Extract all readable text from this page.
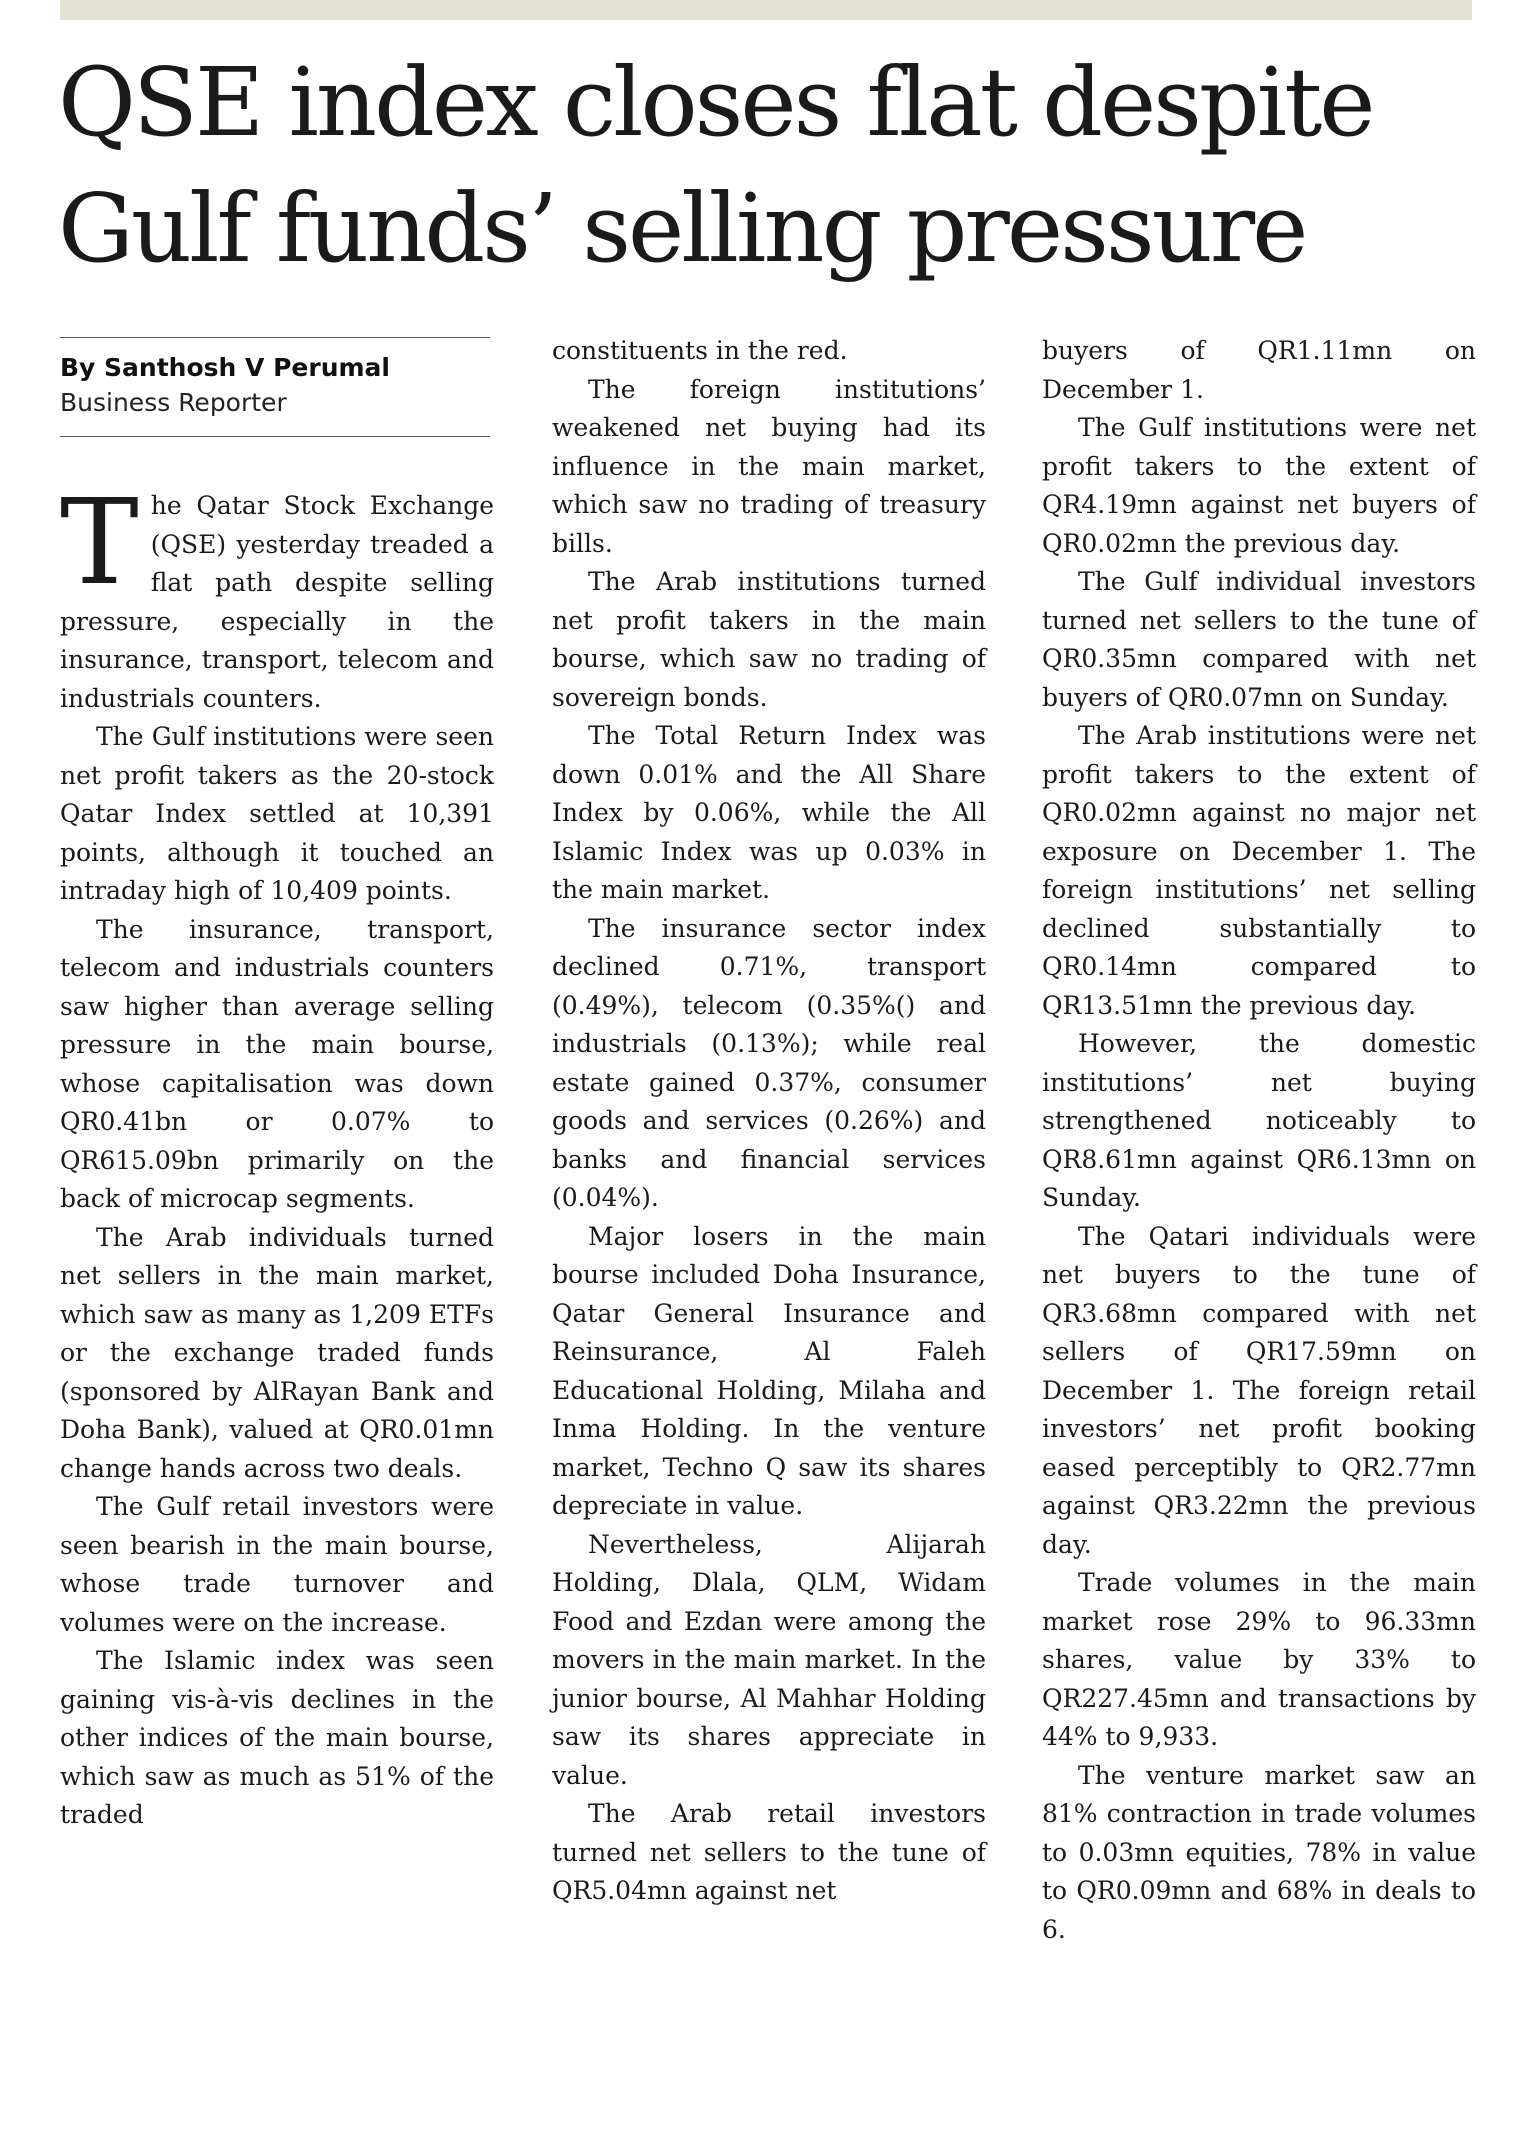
QSE index closes flat despite Gulf funds’ selling pressure
By Santhosh V Perumal
Business Reporter

The Qatar Stock Exchange (QSE) yesterday treaded a flat path despite selling pressure, especially in the insurance, transport, telecom and industrials counters.

The Gulf institutions were seen net profit takers as the 20-stock Qatar Index settled at 10,391 points, although it touched an intraday high of 10,409 points.

The insurance, transport, telecom and industrials counters saw higher than average selling pressure in the main bourse, whose capitalisation was down QR0.41bn or 0.07% to QR615.09bn primarily on the back of microcap segments.

The Arab individuals turned net sellers in the main market, which saw as many as 1,209 ETFs or the exchange traded funds (sponsored by AlRayan Bank and Doha Bank), valued at QR0.01mn change hands across two deals.

The Gulf retail investors were seen bearish in the main bourse, whose trade turnover and volumes were on the increase.

The Islamic index was seen gaining vis-à-vis declines in the other indices of the main bourse, which saw as much as 51% of the traded

constituents in the red.

The foreign institutions’ weakened net buying had its influence in the main market, which saw no trading of treasury bills.

The Arab institutions turned net profit takers in the main bourse, which saw no trading of sovereign bonds.

The Total Return Index was down 0.01% and the All Share Index by 0.06%, while the All Islamic Index was up 0.03% in the main market.

The insurance sector index declined 0.71%, transport (0.49%), telecom (0.35%() and industrials (0.13%); while real estate gained 0.37%, consumer goods and services (0.26%) and banks and financial services (0.04%).

Major losers in the main bourse included Doha Insurance, Qatar General Insurance and Reinsurance, Al Faleh Educational Holding, Milaha and Inma Holding. In the venture market, Techno Q saw its shares depreciate in value.

Nevertheless, Alijarah Holding, Dlala, QLM, Widam Food and Ezdan were among the movers in the main market. In the junior bourse, Al Mahhar Holding saw its shares appreciate in value.

The Arab retail investors turned net sellers to the tune of QR5.04mn against net

buyers of QR1.11mn on December 1.

The Gulf institutions were net profit takers to the extent of QR4.19mn against net buyers of QR0.02mn the previous day.

The Gulf individual investors turned net sellers to the tune of QR0.35mn compared with net buyers of QR0.07mn on Sunday.

The Arab institutions were net profit takers to the extent of QR0.02mn against no major net exposure on December 1. The foreign institutions’ net selling declined substantially to QR0.14mn compared to QR13.51mn the previous day.

However, the domestic institutions’ net buying strengthened noticeably to QR8.61mn against QR6.13mn on Sunday.

The Qatari individuals were net buyers to the tune of QR3.68mn compared with net sellers of QR17.59mn on December 1. The foreign retail investors’ net profit booking eased perceptibly to QR2.77mn against QR3.22mn the previous day.

Trade volumes in the main market rose 29% to 96.33mn shares, value by 33% to QR227.45mn and transactions by 44% to 9,933.

The venture market saw an 81% contraction in trade volumes to 0.03mn equities, 78% in value to QR0.09mn and 68% in deals to 6.
